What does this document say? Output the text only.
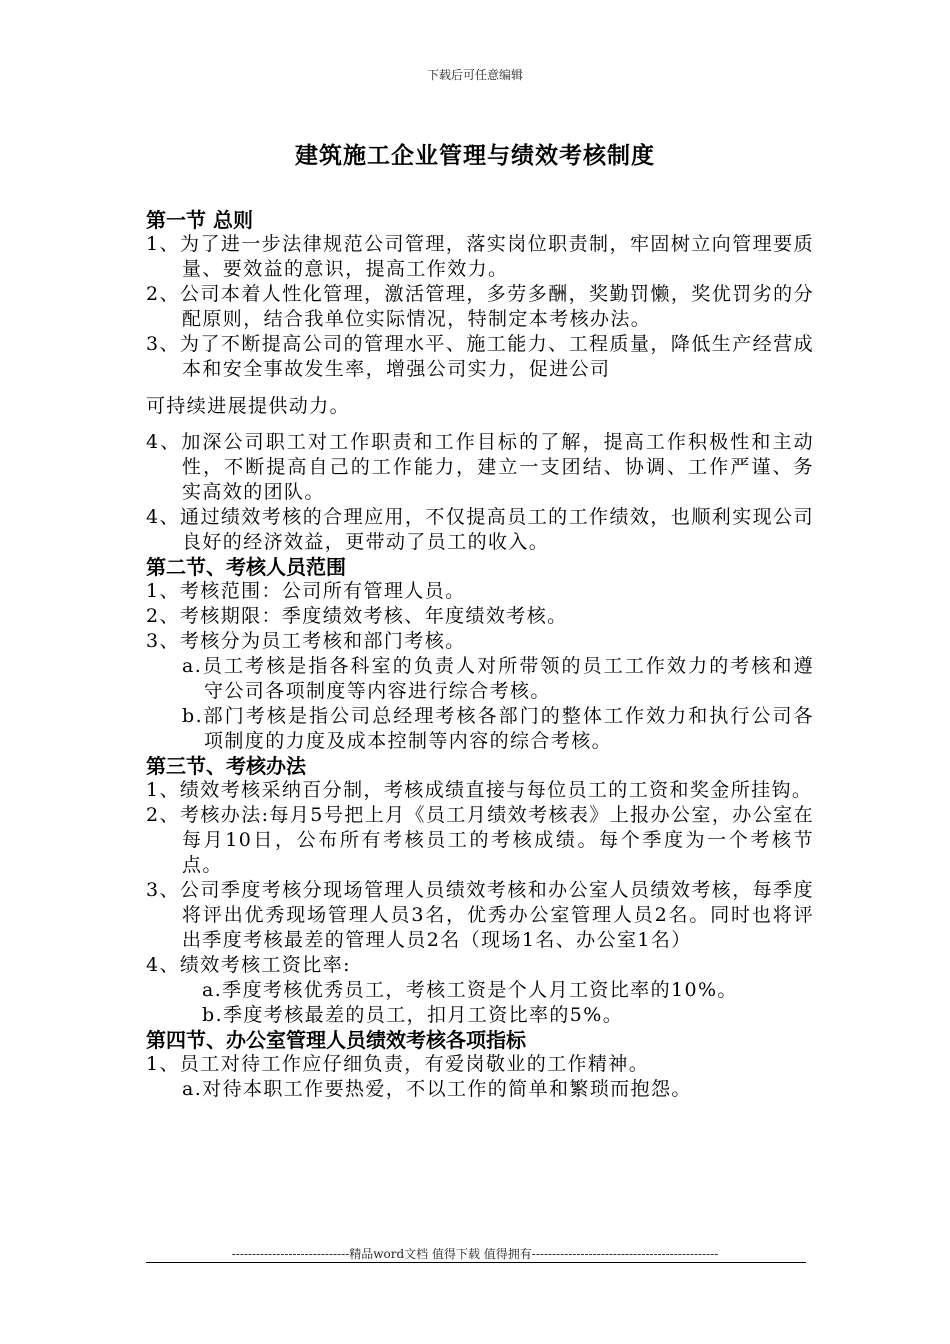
下载后可任意编辑
建筑施工企业管理与绩效考核制度
第一节 总则
1、为了进一步法律规范公司管理，落实岗位职责制，牢固树立向管理要质量、要效益的意识，提高工作效力。
2、公司本着人性化管理，激活管理，多劳多酬，奖勤罚懒，奖优罚劣的分配原则，结合我单位实际情况，特制定本考核办法。
3、为了不断提高公司的管理水平、施工能力、工程质量，降低生产经营成本和安全事故发生率，增强公司实力，促进公司
可持续进展提供动力。
4、加深公司职工对工作职责和工作目标的了解，提高工作积极性和主动性，不断提高自己的工作能力，建立一支团结、协调、工作严谨、务实高效的团队。
4、通过绩效考核的合理应用，不仅提高员工的工作绩效，也顺利实现公司良好的经济效益，更带动了员工的收入。
第二节、考核人员范围
1、考核范围：公司所有管理人员。
2、考核期限：季度绩效考核、年度绩效考核。
3、考核分为员工考核和部门考核。
a.员工考核是指各科室的负责人对所带领的员工工作效力的考核和遵守公司各项制度等内容进行综合考核。
b.部门考核是指公司总经理考核各部门的整体工作效力和执行公司各项制度的力度及成本控制等内容的综合考核。
第三节、考核办法
1、绩效考核采纳百分制，考核成绩直接与每位员工的工资和奖金所挂钩。
2、考核办法:每月5号把上月《员工月绩效考核表》上报办公室，办公室在每月10日，公布所有考核员工的考核成绩。每个季度为一个考核节点。
3、公司季度考核分现场管理人员绩效考核和办公室人员绩效考核，每季度将评出优秀现场管理人员3名，优秀办公室管理人员2名。同时也将评出季度考核最差的管理人员2名（现场1名、办公室1名）
4、绩效考核工资比率:
a.季度考核优秀员工，考核工资是个人月工资比率的10%。
b.季度考核最差的员工，扣月工资比率的5%。
第四节、办公室管理人员绩效考核各项指标
1、员工对待工作应仔细负责，有爱岗敬业的工作精神。
a.对待本职工作要热爱，不以工作的简单和繁琐而抱怨。
-----------------------------精品word文档 值得下载 值得拥有----------------------------------------------
